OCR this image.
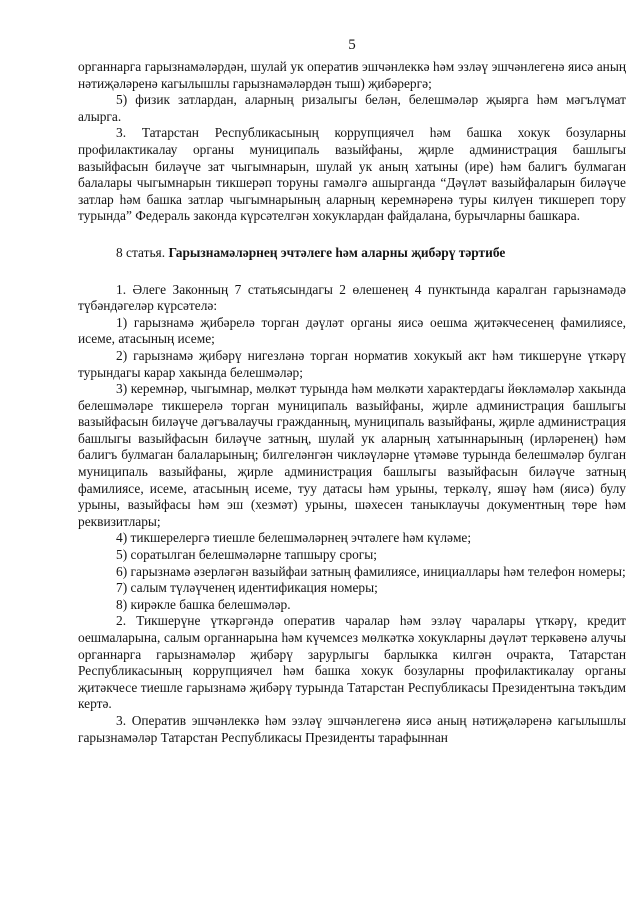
5

органнарга гарызнамәләрдән, шулай ук оператив эшчәнлеккә һәм эзләү эшчәнлегенә яисә аның нәтиҗәләренә кагылышлы гарызнамәләрдән тыш) җибәрергә;

5) физик затлардан, аларның ризалыгы белән, белешмәләр җыярга һәм мәгълүмат алырга.

3. Татарстан Республикасының коррупциячел һәм башка хокук бозуларны профилактикалау органы муниципаль вазыйфаны, җирле администрация башлыгы вазыйфасын биләүче зат чыгымнарын, шулай ук аның хатыны (ире) һәм балигъ булмаган балалары чыгымнарын тикшерәп торуны гамәлгә ашырганда “Дәүләт вазыйфаларын биләүче затлар һәм башка затлар чыгымнарының аларның керемнәренә туры килүен тикшереп тору турында” Федераль законда күрсәтелгән хокуклардан файдалана, бурычларны башкара.

8 статья. Гарызнамәләрнең эчтәлеге һәм аларны җибәрү тәртибе

1. Әлеге Законның 7 статьясындагы 2 өлешенең 4 пунктында каралган гарызнамәдә түбәндәгеләр күрсәтелә:

1) гарызнамә җибәрелә торган дәүләт органы яисә оешма җитәкчесенең фамилиясе, исеме, атасының исеме;

2) гарызнамә җибәрү нигезләнә торган норматив хокукый акт һәм тикшерүне үткәрү турындагы карар хакында белешмәләр;

3) керемнәр, чыгымнар, мөлкәт турында һәм мөлкәти характердагы йөкләмәләр хакында белешмәләре тикшерелә торган муниципаль вазыйфаны, җирле администрация башлыгы вазыйфасын биләүче дәгъвалаучы гражданның, муниципаль вазыйфаны, җирле администрация башлыгы вазыйфасын биләүче затның, шулай ук аларның хатыннарының (ирләренең) һәм балигъ булмаган балаларының; билгеләнгән чикләүләрне үтәмәве турында белешмәләр булган муниципаль вазыйфаны, җирле администрация башлыгы вазыйфасын биләүче затның фамилиясе, исеме, атасының исеме, туу датасы һәм урыны, теркәлү, яшәү һәм (яисә) булу урыны, вазыйфасы һәм эш (хезмәт) урыны, шәхесен таныклаучы документның төре һәм реквизитлары;

4) тикшерелергә тиешле белешмәләрнең эчтәлеге һәм күләме;

5) соратылган белешмәләрне тапшыру срогы;

6) гарызнамә әзерләгән вазыйфаи затның фамилиясе, инициаллары һәм телефон номеры;

7) салым түләүченең идентификация номеры;

8) кирәкле башка белешмәләр.

2. Тикшерүне үткәргәндә оператив чаралар һәм эзләү чаралары үткәрү, кредит оешмаларына, салым органнарына һәм күчемсез мөлкәткә хокукларны дәүләт теркәвенә алучы органнарга гарызнамәләр җибәрү зарурлыгы барлыкка килгән очракта, Татарстан Республикасының коррупциячел һәм башка хокук бозуларны профилактикалау органы җитәкчесе тиешле гарызнамә җибәрү турында Татарстан Республикасы Президентына тәкъдим кертә.

3. Оператив эшчәнлеккә һәм эзләү эшчәнлегенә яисә аның нәтиҗәләренә кагылышлы гарызнамәләр Татарстан Республикасы Президенты тарафыннан
